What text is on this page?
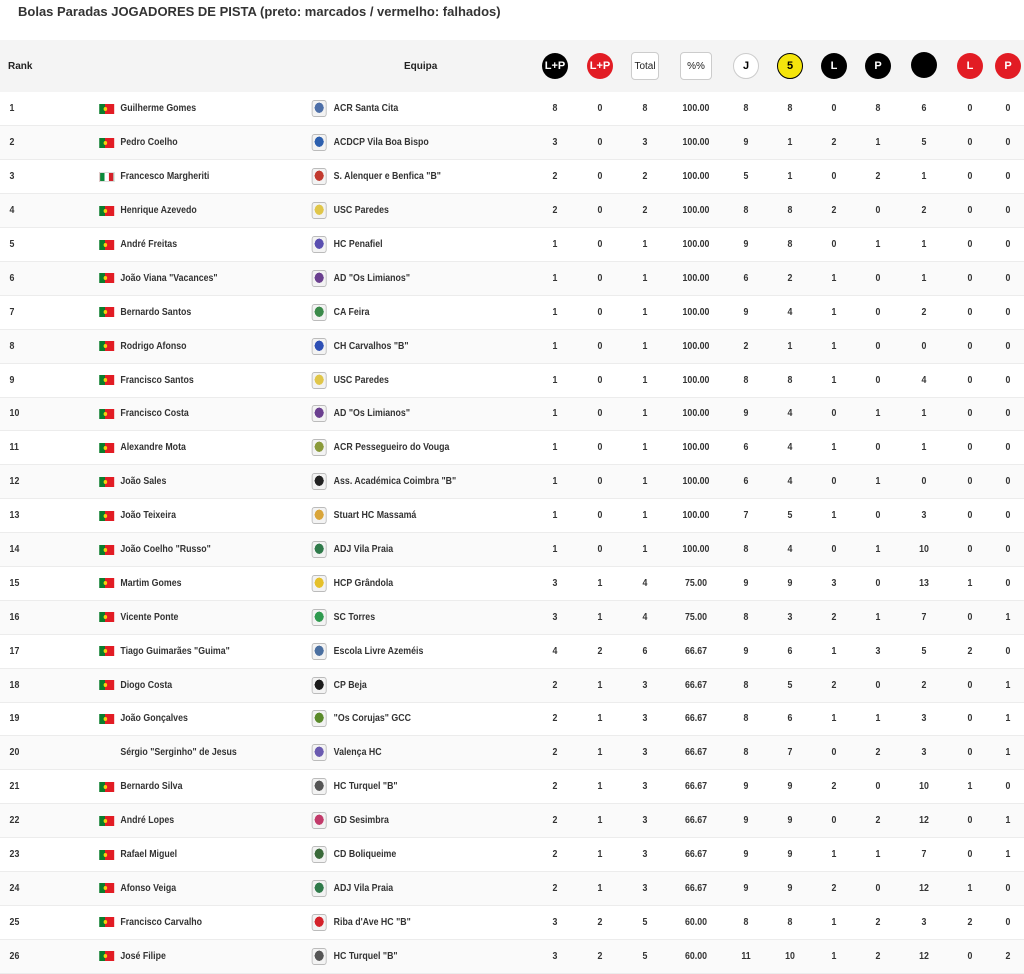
Bolas Paradas JOGADORES DE PISTA (preto: marcados / vermelho: falhados)
Rank		Equipa	L+P	L+P	Total	%%	J	5	L	P		L	P
1	Guilherme Gomes	ACR Santa Cita	8	0	8	100.00	8	8	0	8	6	0	0
2	Pedro Coelho	ACDCP Vila Boa Bispo	3	0	3	100.00	9	1	2	1	5	0	0
3	Francesco Margheriti	S. Alenquer e Benfica "B"	2	0	2	100.00	5	1	0	2	1	0	0
4	Henrique Azevedo	USC Paredes	2	0	2	100.00	8	8	2	0	2	0	0
5	André Freitas	HC Penafiel	1	0	1	100.00	9	8	0	1	1	0	0
6	João Viana "Vacances"	AD "Os Limianos"	1	0	1	100.00	6	2	1	0	1	0	0
7	Bernardo Santos	CA Feira	1	0	1	100.00	9	4	1	0	2	0	0
8	Rodrigo Afonso	CH Carvalhos "B"	1	0	1	100.00	2	1	1	0	0	0	0
9	Francisco Santos	USC Paredes	1	0	1	100.00	8	8	1	0	4	0	0
10	Francisco Costa	AD "Os Limianos"	1	0	1	100.00	9	4	0	1	1	0	0
11	Alexandre Mota	ACR Pessegueiro do Vouga	1	0	1	100.00	6	4	1	0	1	0	0
12	João Sales	Ass. Académica Coimbra "B"	1	0	1	100.00	6	4	0	1	0	0	0
13	João Teixeira	Stuart HC Massamá	1	0	1	100.00	7	5	1	0	3	0	0
14	João Coelho "Russo"	ADJ Vila Praia	1	0	1	100.00	8	4	0	1	10	0	0
15	Martim Gomes	HCP Grândola	3	1	4	75.00	9	9	3	0	13	1	0
16	Vicente Ponte	SC Torres	3	1	4	75.00	8	3	2	1	7	0	1
17	Tiago Guimarães "Guima"	Escola Livre Azeméis	4	2	6	66.67	9	6	1	3	5	2	0
18	Diogo Costa	CP Beja	2	1	3	66.67	8	5	2	0	2	0	1
19	João Gonçalves	"Os Corujas" GCC	2	1	3	66.67	8	6	1	1	3	0	1
20	Sérgio "Serginho" de Jesus	Valença HC	2	1	3	66.67	8	7	0	2	3	0	1
21	Bernardo Silva	HC Turquel "B"	2	1	3	66.67	9	9	2	0	10	1	0
22	André Lopes	GD Sesimbra	2	1	3	66.67	9	9	0	2	12	0	1
23	Rafael Miguel	CD Boliqueime	2	1	3	66.67	9	9	1	1	7	0	1
24	Afonso Veiga	ADJ Vila Praia	2	1	3	66.67	9	9	2	0	12	1	0
25	Francisco Carvalho	Riba d'Ave HC "B"	3	2	5	60.00	8	8	1	2	3	2	0
26	José Filipe	HC Turquel "B"	3	2	5	60.00	11	10	1	2	12	0	2
